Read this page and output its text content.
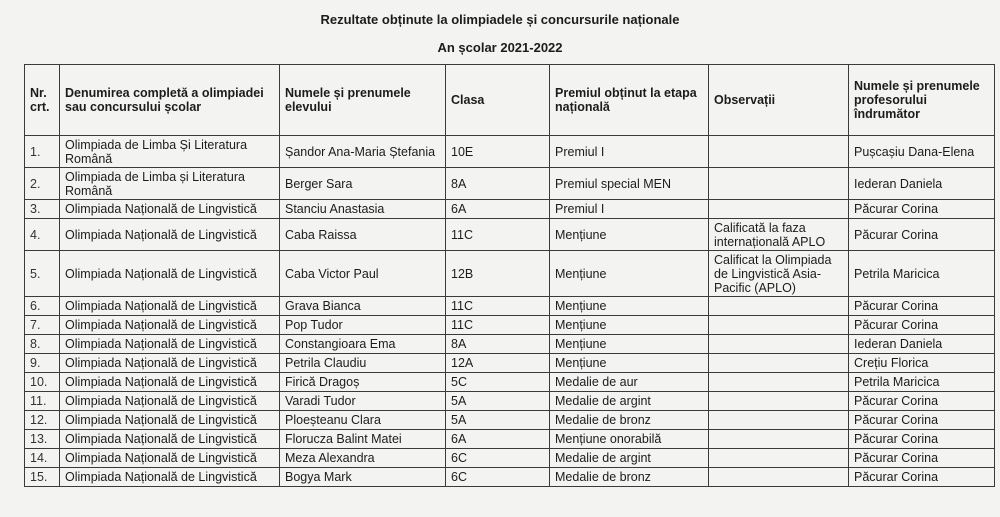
Rezultate obținute la olimpiadele și concursurile naționale
An școlar 2021-2022
Nr. crt.	Denumirea completă a olimpiadei sau concursului școlar	Numele și prenumele elevului	Clasa	Premiul obținut la etapa națională	Observații	Numele și prenumele profesorului îndrumător
1.	Olimpiada de Limba Și Literatura Română	Șandor Ana-Maria Ștefania	10E	Premiul I		Pușcașiu Dana-Elena
2.	Olimpiada de Limba și Literatura Română	Berger Sara	8A	Premiul special MEN		Iederan Daniela
3.	Olimpiada Națională de Lingvistică	Stanciu Anastasia	6A	Premiul I		Păcurar Corina
4.	Olimpiada Națională de Lingvistică	Caba Raissa	11C	Mențiune	Calificată la faza internațională APLO	Păcurar Corina
5.	Olimpiada Națională de Lingvistică	Caba Victor Paul	12B	Mențiune	Calificat la Olimpiada de Lingvistică Asia-Pacific (APLO)	Petrila Maricica
6.	Olimpiada Națională de Lingvistică	Grava Bianca	11C	Mențiune		Păcurar Corina
7.	Olimpiada Națională de Lingvistică	Pop Tudor	11C	Mențiune		Păcurar Corina
8.	Olimpiada Națională de Lingvistică	Constangioara Ema	8A	Mențiune		Iederan Daniela
9.	Olimpiada Națională de Lingvistică	Petrila Claudiu	12A	Mențiune		Crețiu Florica
10.	Olimpiada Națională de Lingvistică	Firică Dragoș	5C	Medalie de aur		Petrila Maricica
11.	Olimpiada Națională de Lingvistică	Varadi Tudor	5A	Medalie de argint		Păcurar Corina
12.	Olimpiada Națională de Lingvistică	Ploeșteanu Clara	5A	Medalie de bronz		Păcurar Corina
13.	Olimpiada Națională de Lingvistică	Florucza Balint Matei	6A	Mențiune onorabilă		Păcurar Corina
14.	Olimpiada Națională de Lingvistică	Meza Alexandra	6C	Medalie de argint		Păcurar Corina
15.	Olimpiada Națională de Lingvistică	Bogya Mark	6C	Medalie de bronz		Păcurar Corina
